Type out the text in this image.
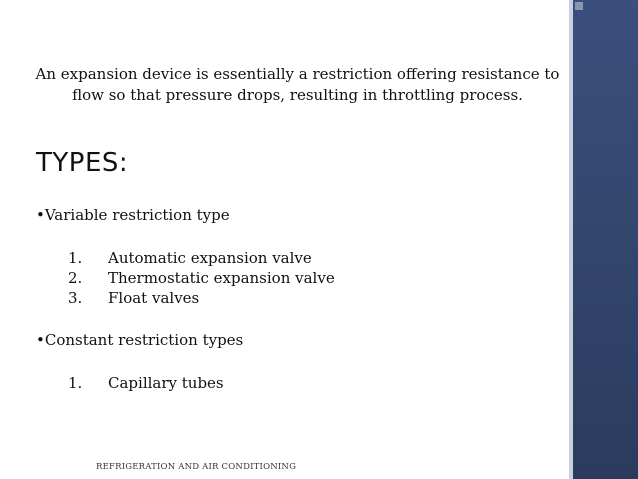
An expansion device is essentially a restriction offering resistance to flow so that pressure drops, resulting in throttling process.

TYPES:

•Variable restriction type

1. Automatic expansion valve

2. Thermostatic expansion valve

3. Float valves

•Constant restriction types

1. Capillary tubes

REFRIGERATION AND AIR CONDITIONING
